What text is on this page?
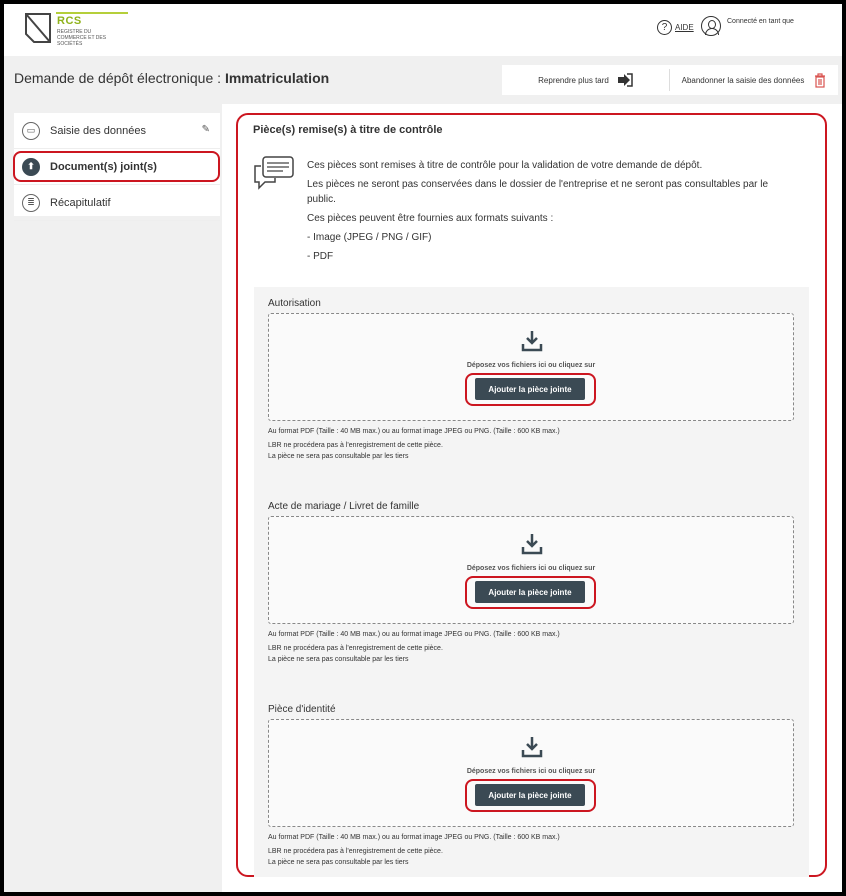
RCS
REGISTRE DU COMMERCE ET DES SOCIÉTÉS
? AIDE
Connecté en tant que
Demande de dépôt électronique : Immatriculation	Reprendre plus tard	Abandonner la saisie des données
▭	Saisie des données	✎
⬆	Document(s) joint(s)
≣	Récapitulatif
Pièce(s) remise(s) à titre de contrôle

Ces pièces sont remises à titre de contrôle pour la validation de votre demande de dépôt.

Les pièces ne seront pas conservées dans le dossier de l'entreprise et ne seront pas consultables par le public.

Ces pièces peuvent être fournies aux formats suivants :

- Image (JPEG / PNG / GIF)

- PDF

Autorisation
Déposez vos fichiers ici ou cliquez sur
Ajouter la pièce jointe
Au format PDF (Taille : 40 MB max.) ou au format image JPEG ou PNG. (Taille : 600 KB max.)
LBR ne procédera pas à l'enregistrement de cette pièce.
La pièce ne sera pas consultable par les tiers
Acte de mariage / Livret de famille
Déposez vos fichiers ici ou cliquez sur
Ajouter la pièce jointe
Au format PDF (Taille : 40 MB max.) ou au format image JPEG ou PNG. (Taille : 600 KB max.)
LBR ne procédera pas à l'enregistrement de cette pièce.
La pièce ne sera pas consultable par les tiers
Pièce d'identité
Déposez vos fichiers ici ou cliquez sur
Ajouter la pièce jointe
Au format PDF (Taille : 40 MB max.) ou au format image JPEG ou PNG. (Taille : 600 KB max.)
LBR ne procédera pas à l'enregistrement de cette pièce.
La pièce ne sera pas consultable par les tiers
